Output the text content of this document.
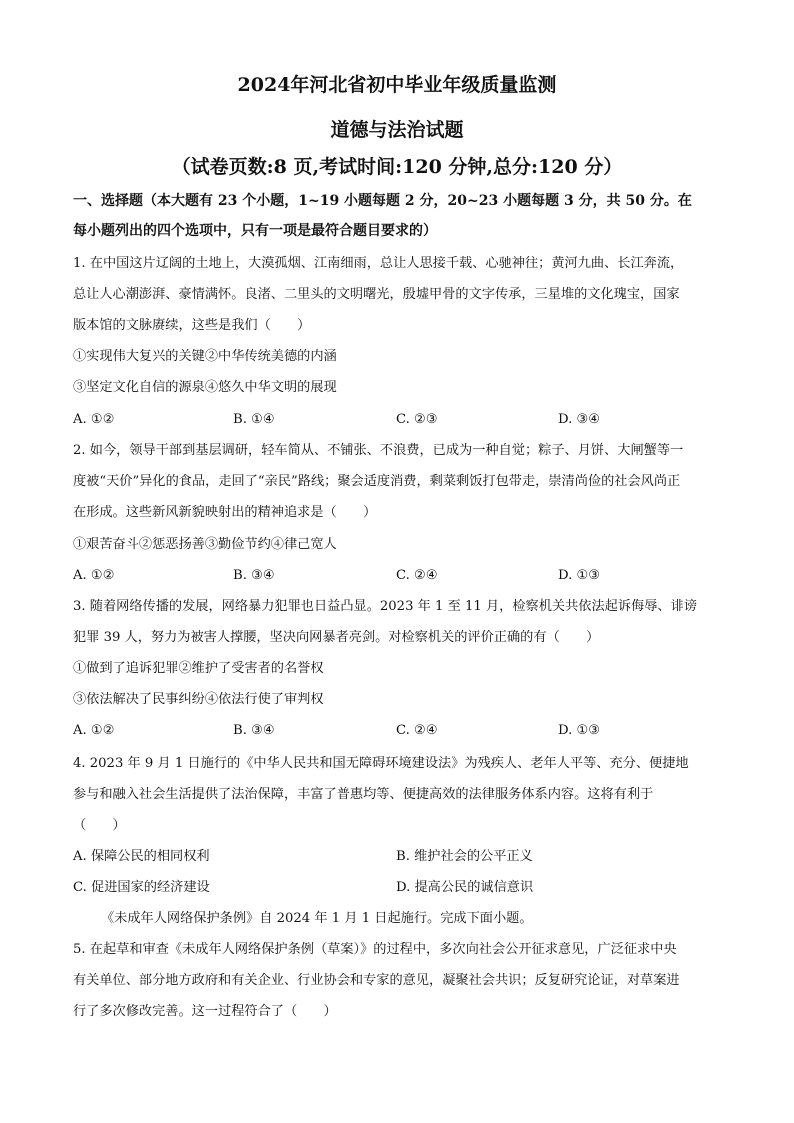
2024年河北省初中毕业年级质量监测
道德与法治试题
（试卷页数:8 页,考试时间:120 分钟,总分:120 分）
一、选择题（本大题有 23 个小题，1~19 小题每题 2 分，20~23 小题每题 3 分，共 50 分。在
每小题列出的四个选项中，只有一项是最符合题目要求的）
1. 在中国这片辽阔的土地上，大漠孤烟、江南细雨，总让人思接千载、心驰神往；黄河九曲、长江奔流，
总让人心潮澎湃、豪情满怀。良渚、二里头的文明曙光，殷墟甲骨的文字传承，三星堆的文化瑰宝，国家
版本馆的文脉赓续，这些是我们（　　）
①实现伟大复兴的关键②中华传统美德的内涵
③坚定文化自信的源泉④悠久中华文明的展现
A. ①②	B. ①④	C. ②③	D. ③④
2. 如今，领导干部到基层调研，轻车简从、不铺张、不浪费，已成为一种自觉；粽子、月饼、大闸蟹等一
度被“天价”异化的食品，走回了“亲民”路线；聚会适度消费，剩菜剩饭打包带走，崇清尚俭的社会风尚正
在形成。这些新风新貌映射出的精神追求是（　　）
①艰苦奋斗②惩恶扬善③勤俭节约④律己宽人
A. ①②	B. ③④	C. ②④	D. ①③
3. 随着网络传播的发展，网络暴力犯罪也日益凸显。2023 年 1 至 11 月，检察机关共依法起诉侮辱、诽谤
犯罪 39 人，努力为被害人撑腰，坚决向网暴者亮剑。对检察机关的评价正确的有（　　）
①做到了追诉犯罪②维护了受害者的名誉权
③依法解决了民事纠纷④依法行使了审判权
A. ①②	B. ③④	C. ②④	D. ①③
4. 2023 年 9 月 1 日施行的《中华人民共和国无障碍环境建设法》为残疾人、老年人平等、充分、便捷地
参与和融入社会生活提供了法治保障，丰富了普惠均等、便捷高效的法律服务体系内容。这将有利于
（　　）
A. 保障公民的相同权利	B. 维护社会的公平正义
C. 促进国家的经济建设	D. 提高公民的诚信意识
《未成年人网络保护条例》自 2024 年 1 月 1 日起施行。完成下面小题。
5. 在起草和审查《未成年人网络保护条例（草案）》的过程中，多次向社会公开征求意见，广泛征求中央
有关单位、部分地方政府和有关企业、行业协会和专家的意见，凝聚社会共识；反复研究论证，对草案进
行了多次修改完善。这一过程符合了（　　）
